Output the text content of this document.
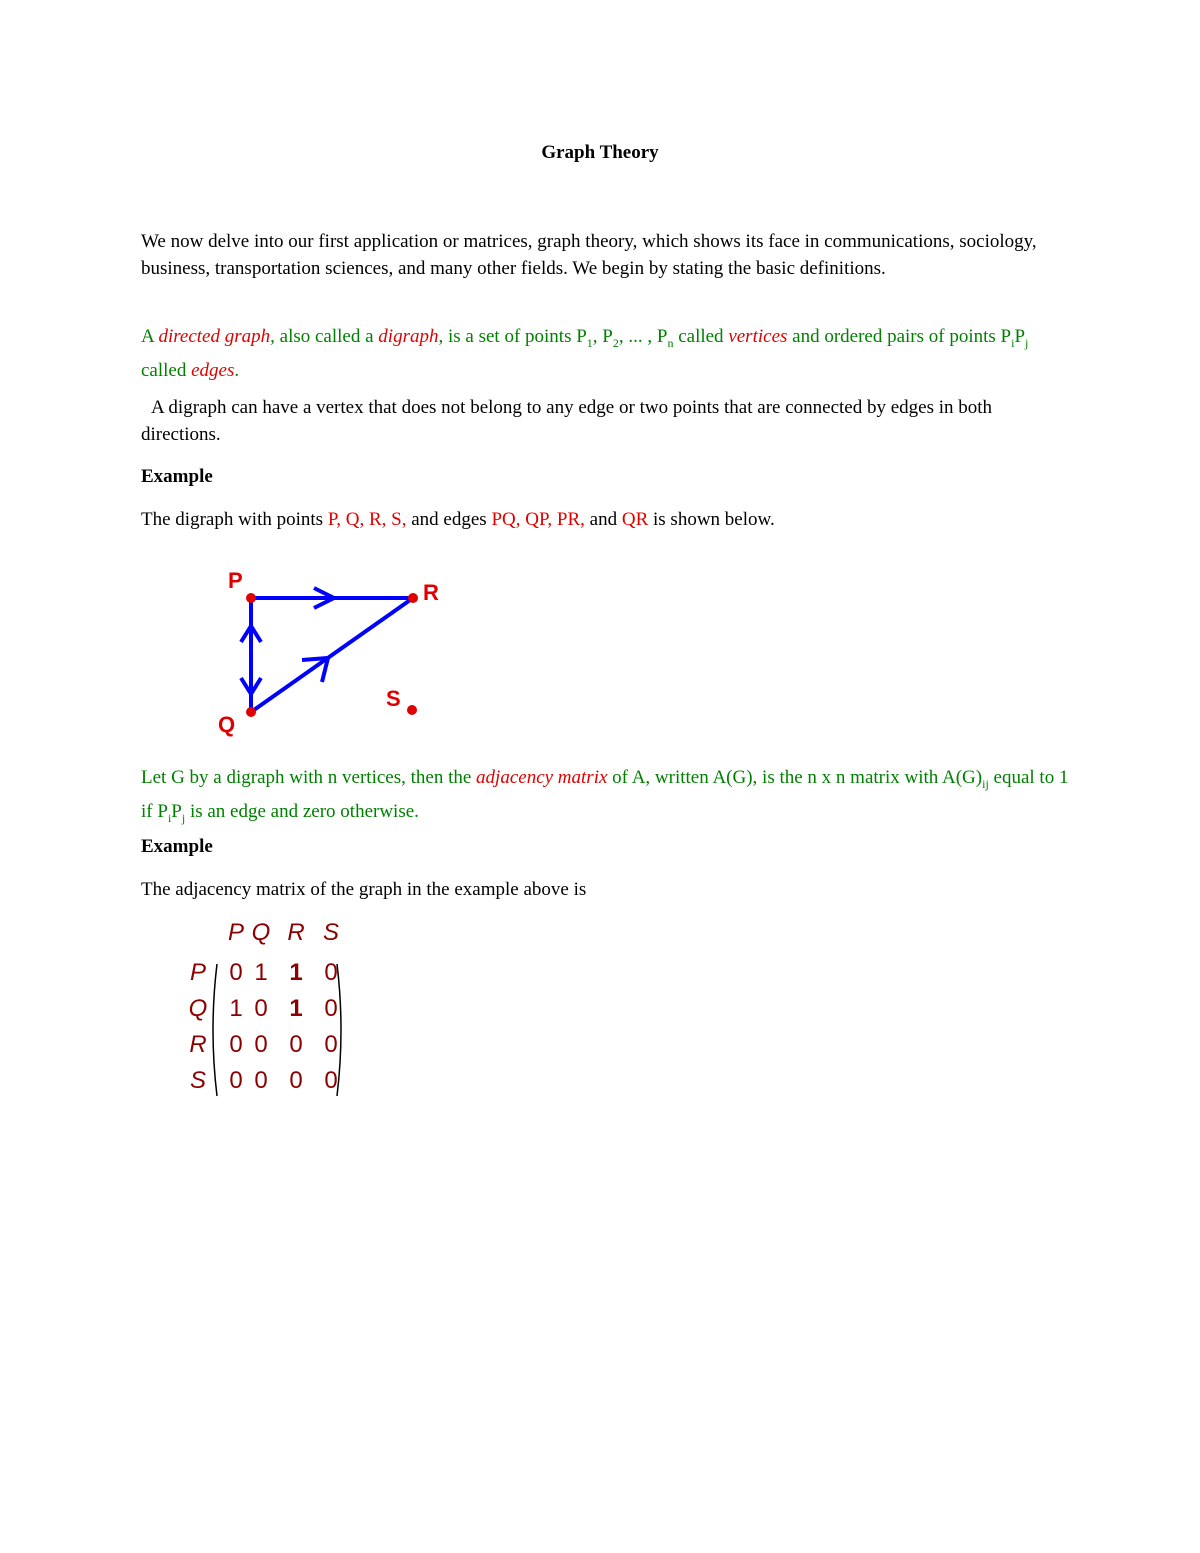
Graph Theory
We now delve into our first application or matrices, graph theory, which shows its face in communications, sociology, business, transportation sciences, and many other fields. We begin by stating the basic definitions.
A directed graph, also called a digraph, is a set of points $P_1$, $P_2$, ... , $P_n$ called vertices and ordered pairs of points $P_iP_j$ called edges.
A digraph can have a vertex that does not belong to any edge or two points that are connected by edges in both directions.
Example
The digraph with points P, Q, R, S, and edges PQ, QP, PR, and QR is shown below.
P
Q
R
S
Let G by a digraph with n vertices, then the adjacency matrix of A, written A(G), is the n x n matrix with $A(G)_{ij}$ equal to 1 if $P_iP_j$ is an edge and zero otherwise.
Example
The adjacency matrix of the graph in the example above is
P Q R S
P
Q
R
S
0 1 1 0
1 0 1 0
0 0 0 0
0 0 0 0
